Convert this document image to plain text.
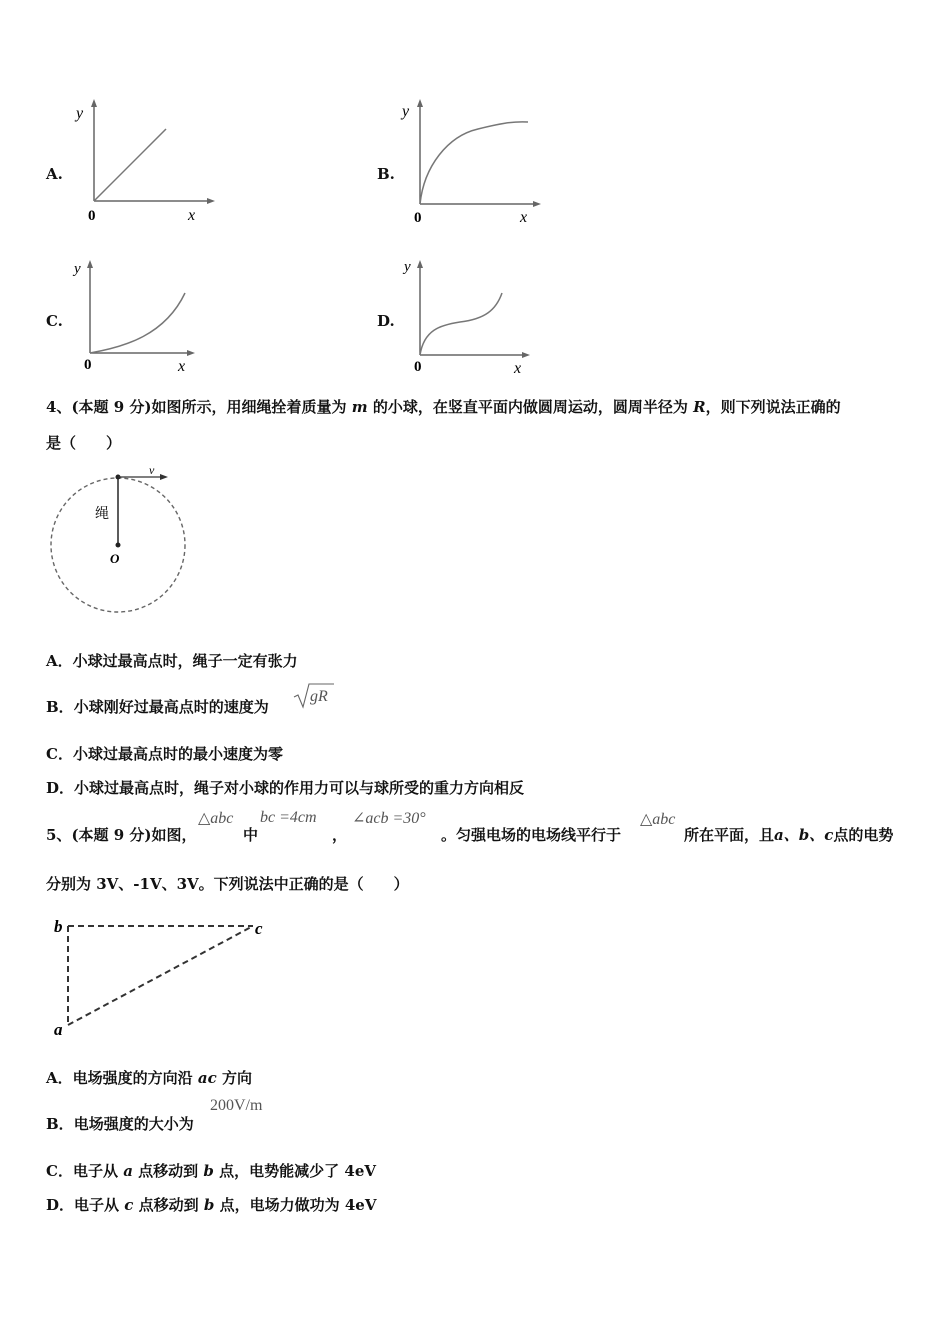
A.
y
x
0
B.
y
x
0
C.
y
x
0
D.
y
x
0
4、(本题 9 分)如图所示，用细绳拴着质量为 m 的小球，在竖直平面内做圆周运动，圆周半径为 R，则下列说法正确的
是（　　）
v
绳
O
A．小球过最高点时，绳子一定有张力
B．小球刚好过最高点时的速度为
gR
C．小球过最高点时的最小速度为零
D．小球过最高点时，绳子对小球的作用力可以与球所受的重力方向相反
5、(本题 9 分)如图，
△abc
中
bc =4cm
，
∠acb =30°
。匀强电场的电场线平行于
△abc
所在平面，且a、b、c点的电势
分别为 3V、-1V、3V。下列说法中正确的是（　　）
b	c
a
A．电场强度的方向沿 ac 方向
B．电场强度的大小为
200V/m
C．电子从 a 点移动到 b 点，电势能减少了 4eV
D．电子从 c 点移动到 b 点，电场力做功为 4eV
